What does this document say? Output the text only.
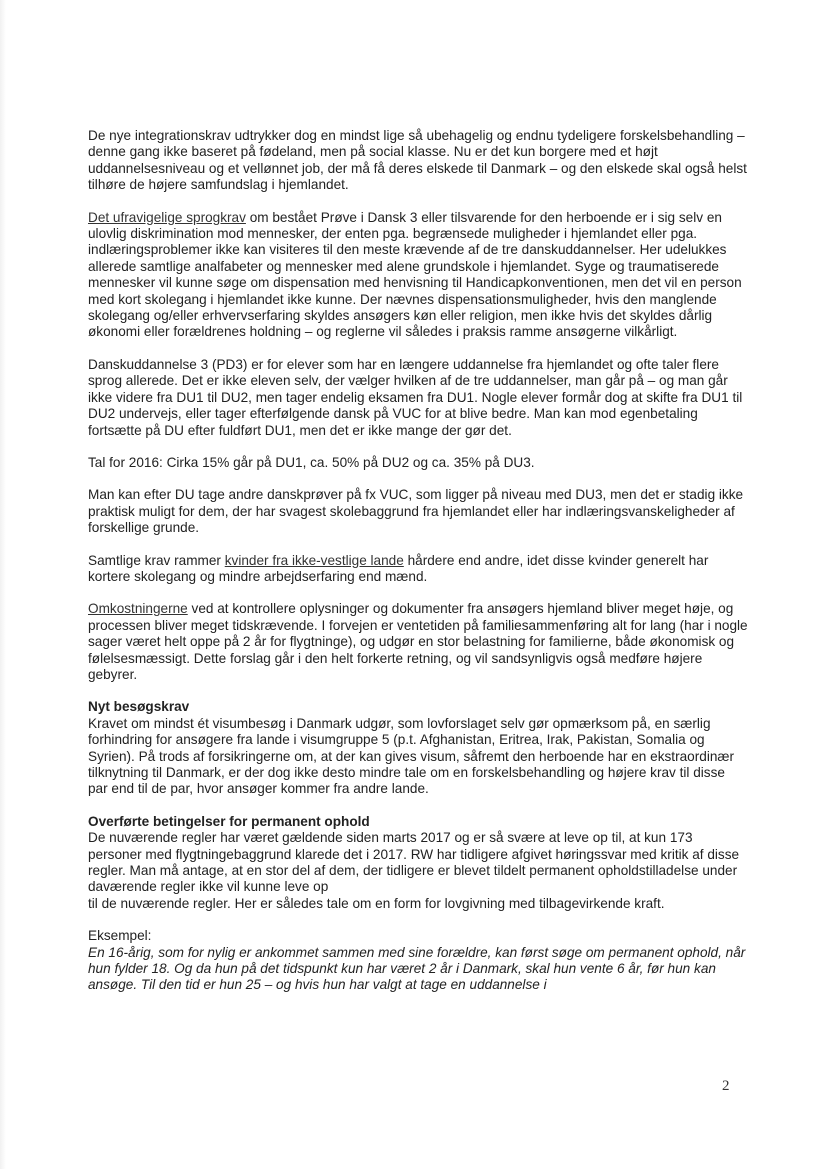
De nye integrationskrav udtrykker dog en mindst lige så ubehagelig og endnu tydeligere forskelsbehandling – denne gang ikke baseret på fødeland, men på social klasse. Nu er det kun borgere med et højt uddannelsesniveau og et vellønnet job, der må få deres elskede til Danmark – og den elskede skal også helst tilhøre de højere samfundslag i hjemlandet.

Det ufravigelige sprogkrav om bestået Prøve i Dansk 3 eller tilsvarende for den herboende er i sig selv en ulovlig diskrimination mod mennesker, der enten pga. begrænsede muligheder i hjemlandet eller pga. indlæringsproblemer ikke kan visiteres til den meste krævende af de tre danskuddannelser. Her udelukkes allerede samtlige analfabeter og mennesker med alene grundskole i hjemlandet. Syge og traumatiserede mennesker vil kunne søge om dispensation med henvisning til Handicapkonventionen, men det vil en person med kort skolegang i hjemlandet ikke kunne. Der nævnes dispensationsmuligheder, hvis den manglende skolegang og/eller erhvervserfaring skyldes ansøgers køn eller religion, men ikke hvis det skyldes dårlig økonomi eller forældrenes holdning – og reglerne vil således i praksis ramme ansøgerne vilkårligt.

Danskuddannelse 3 (PD3) er for elever som har en længere uddannelse fra hjemlandet og ofte taler flere sprog allerede. Det er ikke eleven selv, der vælger hvilken af de tre uddannelser, man går på – og man går ikke videre fra DU1 til DU2, men tager endelig eksamen fra DU1. Nogle elever formår dog at skifte fra DU1 til DU2 undervejs, eller tager efterfølgende dansk på VUC for at blive bedre. Man kan mod egenbetaling fortsætte på DU efter fuldført DU1, men det er ikke mange der gør det.

Tal for 2016: Cirka 15% går på DU1, ca. 50% på DU2 og ca. 35% på DU3.

Man kan efter DU tage andre danskprøver på fx VUC, som ligger på niveau med DU3, men det er stadig ikke praktisk muligt for dem, der har svagest skolebaggrund fra hjemlandet eller har indlæringsvanskeligheder af forskellige grunde.

Samtlige krav rammer kvinder fra ikke-vestlige lande hårdere end andre, idet disse kvinder generelt har kortere skolegang og mindre arbejdserfaring end mænd.

Omkostningerne ved at kontrollere oplysninger og dokumenter fra ansøgers hjemland bliver meget høje, og processen bliver meget tidskrævende. I forvejen er ventetiden på familiesammenføring alt for lang (har i nogle sager været helt oppe på 2 år for flygtninge), og udgør en stor belastning for familierne, både økonomisk og følelsesmæssigt. Dette forslag går i den helt forkerte retning, og vil sandsynligvis også medføre højere gebyrer.

Nyt besøgskrav

Kravet om mindst ét visumbesøg i Danmark udgør, som lovforslaget selv gør opmærksom på, en særlig forhindring for ansøgere fra lande i visumgruppe 5 (p.t. Afghanistan, Eritrea, Irak, Pakistan, Somalia og Syrien). På trods af forsikringerne om, at der kan gives visum, såfremt den herboende har en ekstraordinær tilknytning til Danmark, er der dog ikke desto mindre tale om en forskelsbehandling og højere krav til disse par end til de par, hvor ansøger kommer fra andre lande.

Overførte betingelser for permanent ophold

De nuværende regler har været gældende siden marts 2017 og er så svære at leve op til, at kun 173 personer med flygtningebaggrund klarede det i 2017. RW har tidligere afgivet høringssvar med kritik af disse regler. Man må antage, at en stor del af dem, der tidligere er blevet tildelt permanent opholdstilladelse under daværende regler ikke vil kunne leve op
til de nuværende regler. Her er således tale om en form for lovgivning med tilbagevirkende kraft.

Eksempel:

En 16-årig, som for nylig er ankommet sammen med sine forældre, kan først søge om permanent ophold, når hun fylder 18. Og da hun på det tidspunkt kun har været 2 år i Danmark, skal hun vente 6 år, før hun kan ansøge. Til den tid er hun 25 – og hvis hun har valgt at tage en uddannelse i

2
